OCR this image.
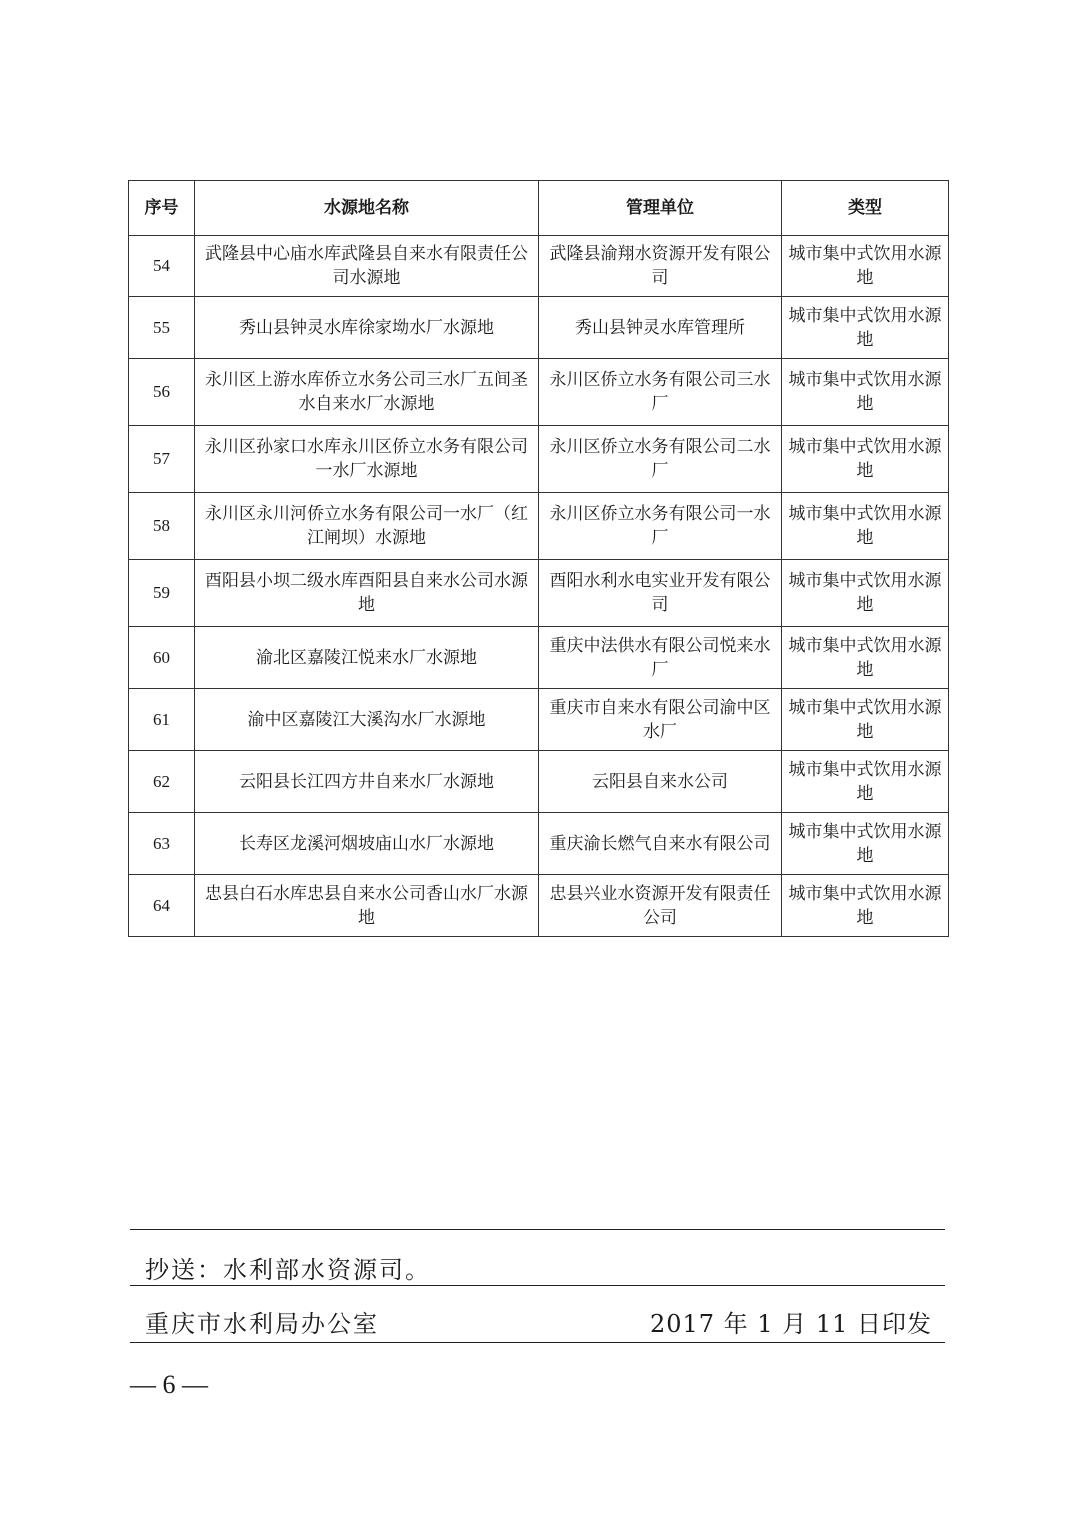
序号	水源地名称	管理单位	类型
54	武隆县中心庙水库武隆县自来水有限责任公司水源地	武隆县渝翔水资源开发有限公司	城市集中式饮用水源地
55	秀山县钟灵水库徐家坳水厂水源地	秀山县钟灵水库管理所	城市集中式饮用水源地
56	永川区上游水库侨立水务公司三水厂五间圣水自来水厂水源地	永川区侨立水务有限公司三水厂	城市集中式饮用水源地
57	永川区孙家口水库永川区侨立水务有限公司一水厂水源地	永川区侨立水务有限公司二水厂	城市集中式饮用水源地
58	永川区永川河侨立水务有限公司一水厂（红江闸坝）水源地	永川区侨立水务有限公司一水厂	城市集中式饮用水源地
59	酉阳县小坝二级水库酉阳县自来水公司水源地	酉阳水利水电实业开发有限公司	城市集中式饮用水源地
60	渝北区嘉陵江悦来水厂水源地	重庆中法供水有限公司悦来水厂	城市集中式饮用水源地
61	渝中区嘉陵江大溪沟水厂水源地	重庆市自来水有限公司渝中区水厂	城市集中式饮用水源地
62	云阳县长江四方井自来水厂水源地	云阳县自来水公司	城市集中式饮用水源地
63	长寿区龙溪河烟坡庙山水厂水源地	重庆渝长燃气自来水有限公司	城市集中式饮用水源地
64	忠县白石水库忠县自来水公司香山水厂水源地	忠县兴业水资源开发有限责任公司	城市集中式饮用水源地
抄送：水利部水资源司。
重庆市水利局办公室	2017 年 1 月 11 日印发
— 6 —
